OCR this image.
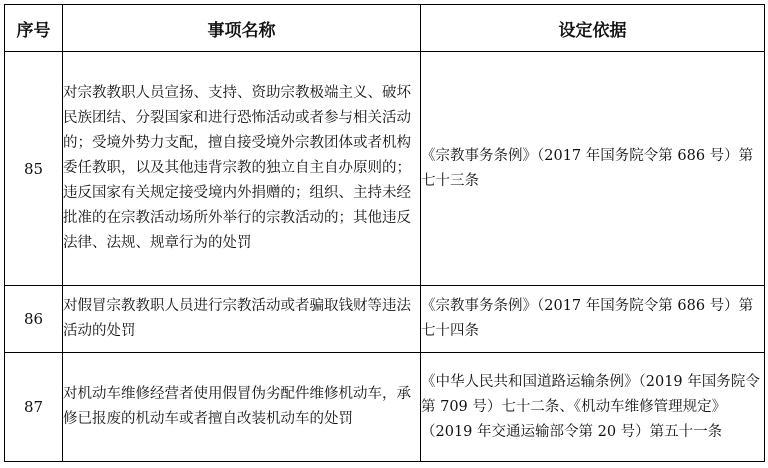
序号	事项名称	设定依据
85	对宗教教职人员宣扬、支持、资助宗教极端主义、破坏民族团结、分裂国家和进行恐怖活动或者参与相关活动的；受境外势力支配，擅自接受境外宗教团体或者机构委任教职，以及其他违背宗教的独立自主自办原则的；违反国家有关规定接受境内外捐赠的；组织、主持未经批准的在宗教活动场所外举行的宗教活动的；其他违反法律、法规、规章行为的处罚	《宗教事务条例》（2017 年国务院令第 686 号）第七十三条
86	对假冒宗教教职人员进行宗教活动或者骗取钱财等违法活动的处罚	《宗教事务条例》（2017 年国务院令第 686 号）第七十四条
87	对机动车维修经营者使用假冒伪劣配件维修机动车，承修已报废的机动车或者擅自改装机动车的处罚	《中华人民共和国道路运输条例》（2019 年国务院令第 709 号）七十二条、《机动车维修管理规定》（2019 年交通运输部令第 20 号）第五十一条
